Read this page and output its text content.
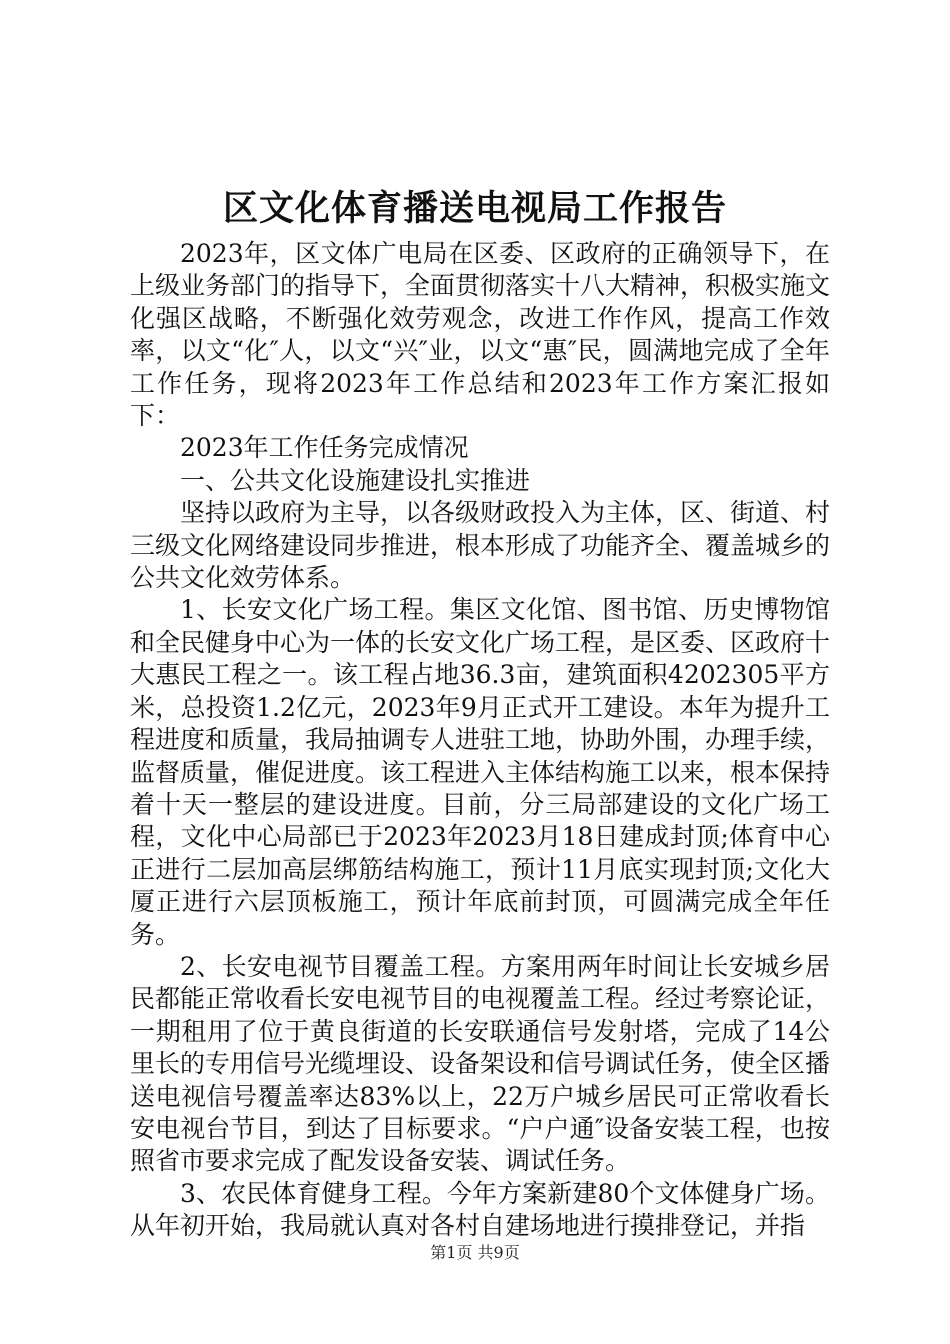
区文化体育播送电视局工作报告

2023年，区文体广电局在区委、区政府的正确领导下，在上级业务部门的指导下，全面贯彻落实十八大精神，积极实施文化强区战略，不断强化效劳观念，改进工作作风，提高工作效率，以文“化″人，以文“兴″业，以文“惠″民，圆满地完成了全年工作任务，现将2023年工作总结和2023年工作方案汇报如下：

2023年工作任务完成情况

一、公共文化设施建设扎实推进

坚持以政府为主导，以各级财政投入为主体，区、街道、村三级文化网络建设同步推进，根本形成了功能齐全、覆盖城乡的公共文化效劳体系。

1、长安文化广场工程。集区文化馆、图书馆、历史博物馆和全民健身中心为一体的长安文化广场工程，是区委、区政府十大惠民工程之一。该工程占地36.3亩，建筑面积4202305平方米，总投资1.2亿元，2023年9月正式开工建设。本年为提升工程进度和质量，我局抽调专人进驻工地，协助外围，办理手续，监督质量，催促进度。该工程进入主体结构施工以来，根本保持着十天一整层的建设进度。目前，分三局部建设的文化广场工程，文化中心局部已于2023年2023月18日建成封顶;体育中心正进行二层加高层绑筋结构施工，预计11月底实现封顶;文化大厦正进行六层顶板施工，预计年底前封顶，可圆满完成全年任务。

2、长安电视节目覆盖工程。方案用两年时间让长安城乡居民都能正常收看长安电视节目的电视覆盖工程。经过考察论证，一期租用了位于黄良街道的长安联通信号发射塔，完成了14公里长的专用信号光缆埋设、设备架设和信号调试任务，使全区播送电视信号覆盖率达83%以上，22万户城乡居民可正常收看长安电视台节目，到达了目标要求。“户户通″设备安装工程，也按照省市要求完成了配发设备安装、调试任务。

3、农民体育健身工程。今年方案新建80个文体健身广场。从年初开始，我局就认真对各村自建场地进行摸排登记，并指

第1页 共9页
